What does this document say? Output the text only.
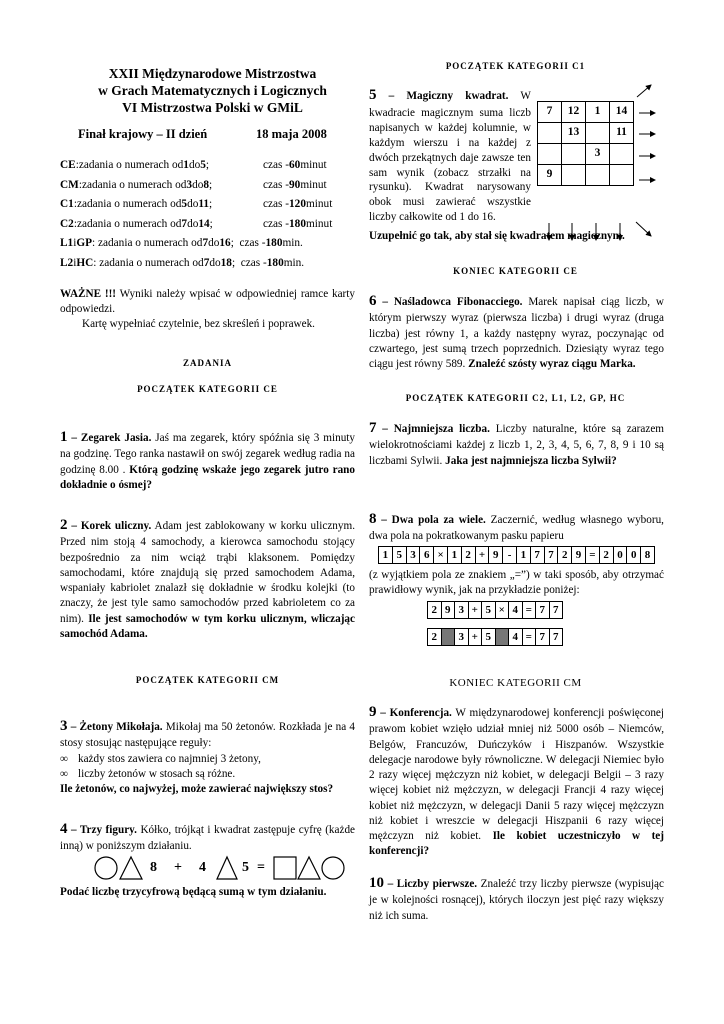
XXII Międzynarodowe Mistrzostwa
w Grach Matematycznych i Logicznych
VI Mistrzostwa Polski w GMiL
Finał krajowy – II dzień	18 maja 2008
CE:zadania o numerach od1do5;	czas -60minut
CM:zadania o numerach od3do8;	czas -90minut
C1:zadania o numerach od5do11;	czas -120minut
C2:zadania o numerach od7do14;	czas -180minut
L1iGP: zadania o numerach od7do16; czas -180min.
L2iHC: zadania o numerach od7do18; czas -180min.

WAŻNE !!! Wyniki należy wpisać w odpowiedniej ramce karty odpowiedzi.

Kartę wypełniać czytelnie, bez skreśleń i poprawek.

ZADANIA
POCZĄTEK KATEGORII CE
1 – Zegarek Jasia. Jaś ma zegarek, który spóźnia się 3 minuty na godzinę. Tego ranka nastawił on swój zegarek według radia na godzinę 8.00 . Którą godzinę wskaże jego zegarek jutro rano dokładnie o ósmej?
2 – Korek uliczny. Adam jest zablokowany w korku ulicznym. Przed nim stoją 4 samochody, a kierowca samochodu stojący bezpośrednio za nim wciąż trąbi klaksonem. Pomiędzy samochodami, które znajdują się przed samochodem Adama, wspaniały kabriolet znalazł się dokładnie w środku kolejki (to znaczy, że jest tyle samo samochodów przed kabrioletem co za nim). Ile jest samochodów w tym korku ulicznym, wliczając samochód Adama.
POCZĄTEK KATEGORII CM
3 – Żetony Mikołaja. Mikołaj ma 50 żetonów. Rozkłada je na 4 stosy stosując następujące reguły:
∞ każdy stos zawiera co najmniej 3 żetony,
∞ liczby żetonów w stosach są różne.
Ile żetonów, co najwyżej, może zawierać największy stos?
4 – Trzy figury. Kółko, trójkąt i kwadrat zastępuje cyfrę (każde inną) w poniższym działaniu.
8 + 4	5 =
Podać liczbę trzycyfrową będącą sumą w tym działaniu.
POCZĄTEK KATEGORII C1
5 – Magiczny kwadrat. W kwadracie magicznym suma liczb napisanych w każdej kolumnie, w każdym wierszu i na każdej z dwóch przekątnych daje zawsze ten sam wynik (zobacz strzałki na rysunku). Kwadrat narysowany obok musi zawierać wszystkie liczby całkowite od 1 do 16.
Uzupełnić go tak, aby stał się kwadratem magicznym.
7	12	1	14
	13		11
		3	
9			
KONIEC KATEGORII CE
6 – Naśladowca Fibonacciego. Marek napisał ciąg liczb, w którym pierwszy wyraz (pierwsza liczba) i drugi wyraz (druga liczba) jest równy 1, a każdy następny wyraz, poczynając od czwartego, jest sumą trzech poprzednich. Dziesiąty wyraz tego ciągu jest równy 589. Znaleźć szósty wyraz ciągu Marka.
POCZĄTEK KATEGORII C2, L1, L2, GP, HC
7 – Najmniejsza liczba. Liczby naturalne, które są zarazem wielokrotnościami każdej z liczb 1, 2, 3, 4, 5, 6, 7, 8, 9 i 10 są liczbami Sylwii. Jaka jest najmniejsza liczba Sylwii?
8 – Dwa pola za wiele. Zaczernić, według własnego wyboru, dwa pola na pokratkowanym pasku papieru
1 5 3 6 × 1 2 + 9 - 1 7 7 2 9 = 2 0 0 8
(z wyjątkiem pola ze znakiem „=”) w taki sposób, aby otrzymać prawidłowy wynik, jak na przykładzie poniżej:
2 9 3 + 5 × 4 = 7 7
2 3 + 5 4 = 7 7
KONIEC KATEGORII CM
9 – Konferencja. W międzynarodowej konferencji poświęconej prawom kobiet wzięło udział mniej niż 5000 osób – Niemców, Belgów, Francuzów, Duńczyków i Hiszpanów. Wszystkie delegacje narodowe były równoliczne. W delegacji Niemiec było 2 razy więcej mężczyzn niż kobiet, w delegacji Belgii – 3 razy więcej kobiet niż mężczyzn, w delegacji Francji 4 razy więcej kobiet niż mężczyzn, w delegacji Danii 5 razy więcej mężczyzn niż kobiet i wreszcie w delegacji Hiszpanii 6 razy więcej mężczyzn niż kobiet. Ile kobiet uczestniczyło w tej konferencji?
10 – Liczby pierwsze. Znaleźć trzy liczby pierwsze (wypisując je w kolejności rosnącej), których iloczyn jest pięć razy większy niż ich suma.
